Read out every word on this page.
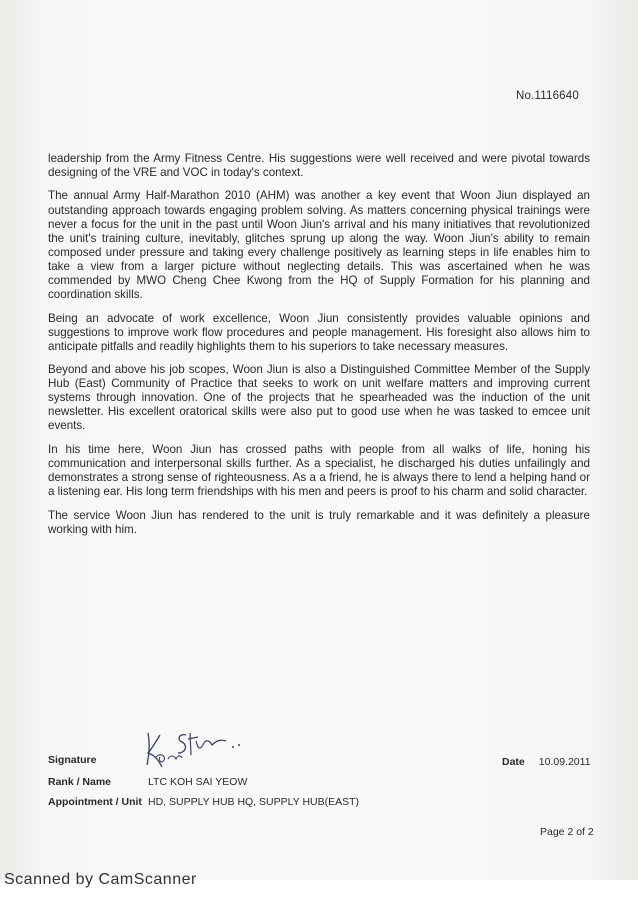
No.1116640

leadership from the Army Fitness Centre. His suggestions were well received and were pivotal towards designing of the VRE and VOC in today's context.

The annual Army Half-Marathon 2010 (AHM) was another a key event that Woon Jiun displayed an outstanding approach towards engaging problem solving. As matters concerning physical trainings were never a focus for the unit in the past until Woon Jiun's arrival and his many initiatives that revolutionized the unit's training culture, inevitably, glitches sprung up along the way. Woon Jiun's ability to remain composed under pressure and taking every challenge positively as learning steps in life enables him to take a view from a larger picture without neglecting details. This was ascertained when he was commended by MWO Cheng Chee Kwong from the HQ of Supply Formation for his planning and coordination skills.

Being an advocate of work excellence, Woon Jiun consistently provides valuable opinions and suggestions to improve work flow procedures and people management. His foresight also allows him to anticipate pitfalls and readily highlights them to his superiors to take necessary measures.

Beyond and above his job scopes, Woon Jiun is also a Distinguished Committee Member of the Supply Hub (East) Community of Practice that seeks to work on unit welfare matters and improving current systems through innovation. One of the projects that he spearheaded was the induction of the unit newsletter. His excellent oratorical skills were also put to good use when he was tasked to emcee unit events.

In his time here, Woon Jiun has crossed paths with people from all walks of life, honing his communication and interpersonal skills further. As a specialist, he discharged his duties unfailingly and demonstrates a strong sense of righteousness. As a a friend, he is always there to lend a helping hand or a listening ear. His long term friendships with his men and peers is proof to his charm and solid character.

The service Woon Jiun has rendered to the unit is truly remarkable and it was definitely a pleasure working with him.

Signature	Date 10.09.2011
Rank / Name	LTC KOH SAI YEOW
Appointment / Unit HD, SUPPLY HUB HQ, SUPPLY HUB(EAST)
Page 2 of 2
Scanned by CamScanner
